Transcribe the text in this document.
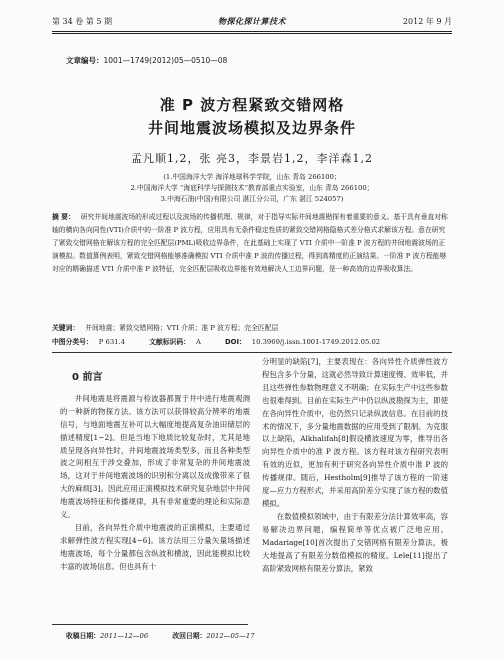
第 34 卷 第 5 期	物探化探计算技术	2012 年 9 月
文章编号：1001—1749(2012)05—0510—08
准 P 波方程紧致交错网格
井间地震波场模拟及边界条件
孟凡顺1,2，张 亮3，李景岩1,2，李洋森1,2
(1.中国海洋大学 海洋地球科学学院，山东 青岛 266100；
2.中国海洋大学 “海底科学与探测技术”教育部重点实验室，山东 青岛 266100；
3.中海石油(中国)有限公司 湛江分公司，广东 湛江 524057)
摘 要： 研究井间地震波场的形成过程以及波场的传播机理、规律，对于指导实际井间地震勘探有着重要的意义。基于具有垂直对称轴的横向各向同性(VTI)介质中的一阶准 P 波方程，应用具有无条件稳定性质的紧致交错网格隐格式差分格式求解该方程。意在研究了紧致交错网格在解该方程的完全匹配层(PML)吸收边界条件，在此基础上实现了 VTI 介质中一阶准 P 波方程的井间地震波场的正演模拟。数值算例表明，紧致交错网格能够准确模拟 VTI 介质中准 P 波的传播过程，得到高精度的正演结果。一阶准 P 波方程能够对应的精确描述 VTI 介质中准 P 波特征，完全匹配层吸收边界能有效地解决人工边界问题，是一种高效的边界吸收算法。
关键词： 井间地震；紧致交错网格；VTI 介质；准 P 波方程；完全匹配层
中图分类号： P 631.4	文献标识码： A	DOI： 10.3969/j.issn.1001-1749.2012.05.02
0 前言

井间地震是将震源与检波器都置于井中进行地震观测的一种新的物探方法。该方法可以获得较高分辨率的地震信号，与地面地震互补可以大幅度地提高复杂油田储层的描述精度[1~2]。但是当地下地质比较复杂时，尤其是地质呈现各向异性时，井间地震波场类型多，而且各种类型波之间相互干涉交叠加，形成了非常复杂的井间地震波场，这对于井间地震波场的识别和分离以及成像带来了很大的麻烦[3]。因此应用正演模拟技术研究复杂地层中井间地震波场特征和传播规律，具有非常重要的理论和实际意义。

目前，各向异性介质中地震波的正演模拟，主要通过求解弹性波方程实现[4~6]。该方法用三分量矢量场描述地震波场，每个分量都包含纵波和横波，因此能模拟比较丰富的波场信息。但也具有十

分明显的缺陷[7]，主要表现在：各向异性介质弹性波方程包含多个分量，这就必然导致计算速度慢、效率低，并且这些弹性参数物理意义不明确；在实际生产中这些参数也很难得到。目前在实际生产中仍以纵波勘探为主，即使在各向异性介质中，也仍然只记录纵波信息。在目前的技术的情况下，多分量地震数据的应用受到了限制。为克服以上缺陷，Alkhalifah[8]假设横波速度为零，推导出各向异性介质中的准 P 波方程。该方程对该方程研究表明有效的近似，更加有利于研究各向异性介质中准 P 波的传播规律。随后，Hestholm[9]推导了该方程的一阶速度—应力方程形式，并采用高阶差分实现了该方程的数值模拟。

在数值模拟领域中，由于有限差分法计算效率高，容易解决边界问题，编程简单等优点被广泛地应用。Madariage[10]首次提出了交错网格有限差分算法，极大地提高了有限差分数值模拟的精度。Lele[11]提出了高阶紧致网格有限差分算法，紧致

收稿日期：2011—12—06	改回日期：2012—05—17
